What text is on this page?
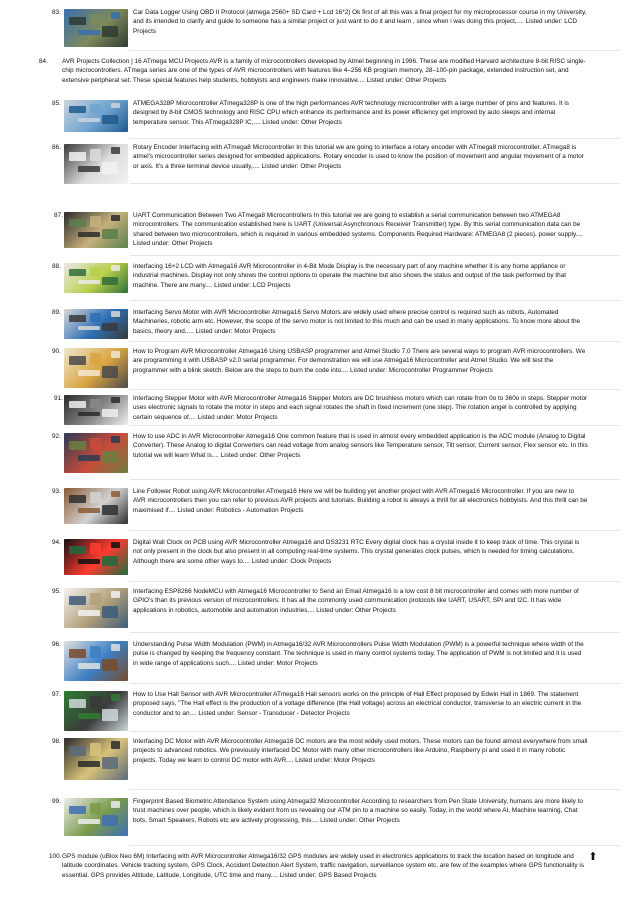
83.	Car Data Logger Using OBD II Protocol (atmega 2560+ SD Card + Lcd 16*2) Ok first of all this was a final project for my microprocessor course in my University, and its intended to clarify and guide to someone has a similar project or just want to do it and learn , since when i was doing this project,.... Listed under: LCD Projects
84. AVR Projects Collection | 16 ATmega MCU Projects AVR is a family of microcontrollers developed by Atmel beginning in 1996. These are modified Harvard architecture 8-bit RISC single-chip microcontrollers. ATmega series are one of the types of AVR microcontrollers with features like 4–256 KB program memory, 28–100-pin package, extended instruction set, and extensive peripheral set. These special features help students, hobbyists and engineers make innovative.... Listed under: Other Projects
85.	ATMEGA328P Microcontroller ATmega328P is one of the high performances AVR technology microcontroller with a large number of pins and features. It is designed by 8-bit CMOS technology and RISC CPU which enhance its performance and its power efficiency get improved by auto sleeps and internal temperature sensor. This ATmega328P IC,.... Listed under: Other Projects
86.	Rotary Encoder Interfacing with ATmega8 Microcontroller In this tutorial we are going to interface a rotary encoder with ATmega8 microcontroller. ATmega8 is atmel's microcontroller series designed for embedded applications. Rotary encoder is used to know the position of movement and angular movement of a motor or axis. It's a three terminal device usually,.... Listed under: Other Projects
87.	UART Communication Between Two ATmega8 Microcontrollers In this tutorial we are going to establish a serial communication between two ATMEGA8 microcontrollers. The communication established here is UART (Universal Asynchronous Receiver Transmitter) type. By this serial communication data can be shared between two microcontrollers, which is required in various embedded systems. Components Required Hardware: ATMEGA8 (2 pieces), power supply.... Listed under: Other Projects
88.	Interfacing 16×2 LCD with Atmega16 AVR Microcontroller in 4-Bit Mode Display is the necessary part of any machine whether it is any home appliance or industrial machines. Display not only shows the control options to operate the machine but also shows the status and output of the task performed by that machine. There are many.... Listed under: LCD Projects
89.	Interfacing Servo Motor with AVR Microcontroller Atmega16 Servo Motors are widely used where precise control is required such as robots, Automated Machineries, robotic arm etc. However, the scope of the servo motor is not limited to this much and can be used in many applications. To know more about the basics, theory and,.... Listed under: Motor Projects
90.	How to Program AVR Microcontroller Atmega16 Using USBASP programmer and Atmel Studio 7.0 There are several ways to program AVR microcontrollers. We are programming it with USBASP v2.0 serial programmer. For demonstration we will use Atmega16 Microcontroller and Atmel Studio. We will test the programmer with a blink sketch. Below are the steps to burn the code into.... Listed under: Microcontroller Programmer Projects
91.	Interfacing Stepper Motor with AVR Microcontroller Atmega16 Stepper Motors are DC brushless motors which can rotate from 0o to 360o in steps. Stepper motor uses electronic signals to rotate the motor in steps and each signal rotates the shaft in fixed increment (one step). The rotation angel is controlled by applying certain sequence of.... Listed under: Motor Projects
92.	How to use ADC in AVR Microcontroller Atmega16 One common feature that is used in almost every embedded application is the ADC module (Analog to Digital Converter). These Analog to digital Converters can read voltage from analog sensors like Temperature sensor, Tilt sensor, Current sensor, Flex sensor etc. In this tutorial we will learn What is.... Listed under: Other Projects
93.	Line Follower Robot using AVR Microcontroller ATmega16 Here we will be building yet another project with AVR ATmega16 Microcontroller. If you are new to AVR microcontrollers then you can refer to previous AVR projects and tutorials. Building a robot is always a thrill for all electronics hobbyists. And this thrill can be maximised if.... Listed under: Robotics - Automation Projects
94.	Digital Wall Clock on PCB using AVR Microcontroller Atmega16 and DS3231 RTC Every digital clock has a crystal inside it to keep track of time. This crystal is not only present in the clock but also present in all computing real-time systems. This crystal generates clock pulses, which is needed for timing calculations. Although there are some other ways to.... Listed under: Clock Projects
95.	Interfacing ESP8266 NodeMCU with Atmega16 Microcontroller to Send an Email Atmega16 is a low cost 8 bit microcontroller and comes with more number of GPIO's than its previous version of microcontrollers. It has all the commonly used communication protocols like UART, USART, SPI and I2C. It has wide applications in robotics, automobile and automation industries.... Listed under: Other Projects
96.	Understanding Pulse Width Modulation (PWM) in Atmega16/32 AVR Microcontrollers Pulse Width Modulation (PWM) is a powerful technique where width of the pulse is changed by keeping the frequency constant. The technique is used in many control systems today. The application of PWM is not limited and it is used in wide range of applications such.... Listed under: Motor Projects
97.	How to Use Hall Sensor with AVR Microcontroller ATmega16 Hall sensors works on the principle of Hall Effect proposed by Edwin Hall in 1869. The statement proposed says, "The Hall effect is the production of a voltage difference (the Hall voltage) across an electrical conductor, transverse to an electric current in the conductor and to an.... Listed under: Sensor - Transducer - Detector Projects
98.	Interfacing DC Motor with AVR Microcontroller Atmega16 DC motors are the most widely used motors. These motors can be found almost everywhere from small projects to advanced robotics. We previously interfaced DC Motor with many other microcontrollers like Arduino, Raspberry pi and used it in many robotic projects. Today we learn to control DC motor with AVR.... Listed under: Motor Projects
99.	Fingerprint Based Biometric Attendance System using Atmega32 Microcontroller According to researchers from Pen State University, humans are more likely to trust machines over people, which is likely evident from us revealing our ATM pin to a machine so easily. Today, in the world where AI, Machine learning, Chat bots, Smart Speakers, Robots etc are actively progressing, this.... Listed under: Other Projects
100. GPS module (uBlox Neo 6M) Interfacing with AVR Microcontroller Atmega16/32 GPS modules are widely used in electronics applications to track the location based on longitude and latitude coordinates. Vehicle tracking system, GPS Clock, Accident Detection Alert System, traffic navigation, surveillance system etc. are few of the examples where GPS functionality is essential. GPS provides Altitude, Latitude, Longitude, UTC time and many.... Listed under: GPS Based Projects
⬆
